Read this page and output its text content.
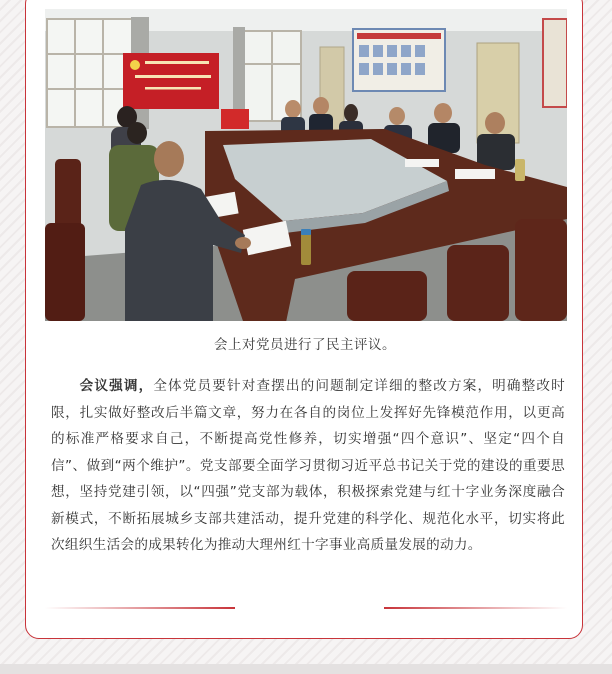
会上对党员进行了民主评议。
  会议强调，全体党员要针对查摆出的问题制定详细的整改方案，明确整改时限，扎实做好整改后半篇文章，努力在各自的岗位上发挥好先锋模范作用，以更高的标准严格要求自己，不断提高党性修养，切实增强“四个意识”、坚定“四个自信”、做到“两个维护”。党支部要全面学习贯彻习近平总书记关于党的建设的重要思想，坚持党建引领，以“四强”党支部为载体，积极探索党建与红十字业务深度融合新模式，不断拓展城乡支部共建活动，提升党建的科学化、规范化水平，切实将此次组织生活会的成果转化为推动大理州红十字事业高质量发展的动力。
